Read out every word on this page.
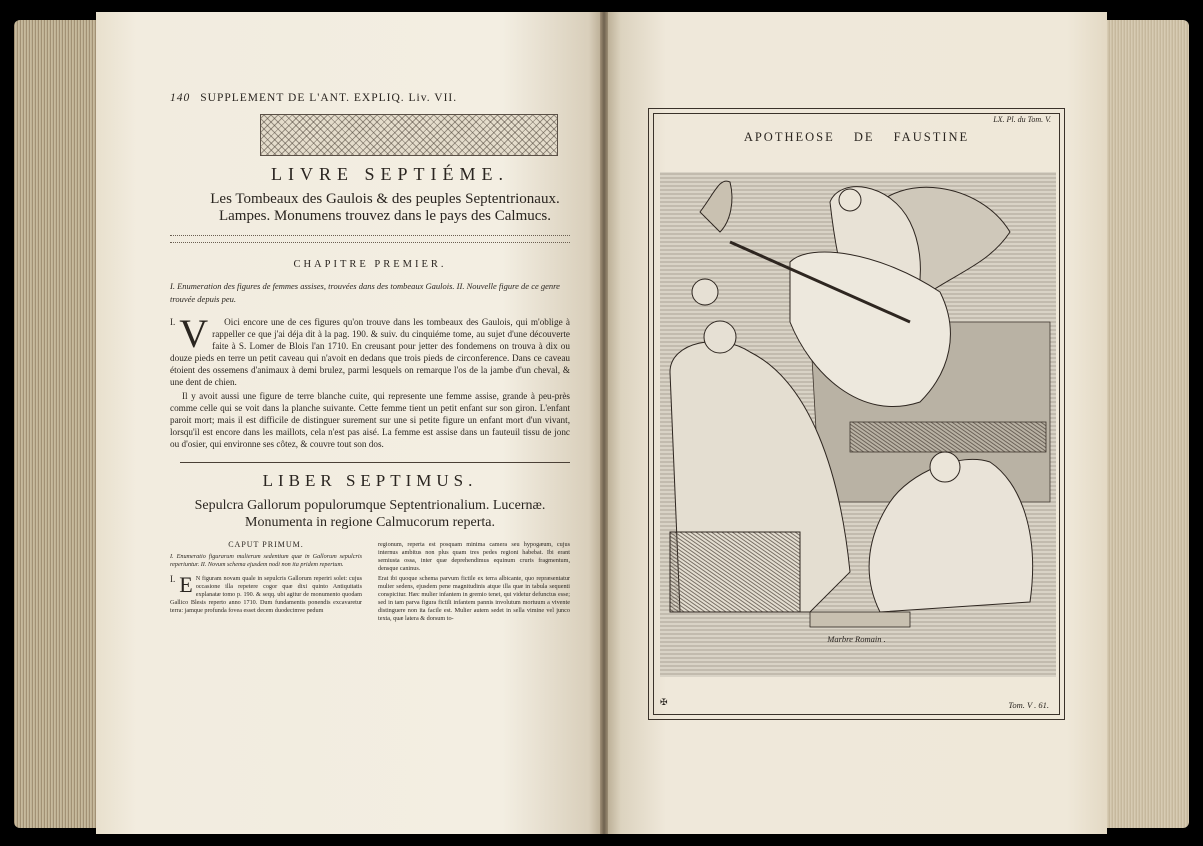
140 SUPPLEMENT DE L'ANT. EXPLIQ. Liv. VII.
LIVRE SEPTIÉME.
Les Tombeaux des Gaulois & des peuples Septentrionaux. Lampes. Monumens trouvez dans le pays des Calmucs.
CHAPITRE PREMIER.
I. Enumeration des figures de femmes assises, trouvées dans des tombeaux Gaulois. II. Nouvelle figure de ce genre trouvée depuis peu.
I. V	Oici encore une de ces figures qu'on trouve dans les tombeaux des Gaulois, qui m'oblige à rappeller ce que j'ai déja dit à la pag. 190. & suiv. du cinquiéme tome, au sujet d'une découverte faite à S. Lomer de Blois l'an 1710. En creusant pour jetter des fondemens on trouva à dix ou douze pieds en terre un petit caveau qui n'avoit en dedans que trois pieds de circonference. Dans ce caveau étoient des ossemens d'animaux à demi brulez, parmi lesquels on remarque l'os de la jambe d'un cheval, & une dent de chien.

Il y avoit aussi une figure de terre blanche cuite, qui represente une femme assise, grande à peu-près comme celle qui se voit dans la planche suivante. Cette femme tient un petit enfant sur son giron. L'enfant paroit mort; mais il est difficile de distinguer surement sur une si petite figure un enfant mort d'un vivant, lorsqu'il est encore dans les maillots, cela n'est pas aisé. La femme est assise dans un fauteuil tissu de jonc ou d'osier, qui environne ses côtez, & couvre tout son dos.

LIBER SEPTIMUS.
Sepulcra Gallorum populorumque Septentrionalium. Lucernæ. Monumenta in regione Calmucorum reperta.
CAPUT PRIMUM.
I. Enumeratio figurarum mulierum sedentium quæ in Gallorum sepulcris reperiuntur. II. Novum schema ejusdem nodi non ita pridem repertum.
I. E N figuram novam quale in sepulcris Gallorum reperiri solet: cujus occasione illa repetere cogor quæ dixi quinto Antiquitatis explanatæ tomo p. 190. & seqq. ubi agitur de monumento quodam Gallico Blesis reperto anno 1710. Dum fundamentis ponendis excavaretur terra: jamque profunda fovea esset decem duodecimve pedum

regionum, reperta est posquam minima camera seu hypogæum, cujus internus ambitus non plus quam tres pedes regioni habebat. Ibi erant semiusta ossa, inter quæ deprehendimus equinum cruris fragmentum, densque caninus.

Erat ibi quoque schema parvum fictile ex terra albicante, quo repræsentatur mulier sedens, ejusdem pene magnitudinis atque illa quæ in tabula sequenti conspicitur. Hæc mulier infantem in gremio tenet, qui videtur defunctus esse; sed in tam parva figura fictili infantem pannis involutum mortuum a vivente distinguere non ita facile est. Mulier autem sedet in sella vimine vel junco texta, quæ latera & dorsum to-

LX. Pl. du Tom. V.
APOTHEOSE DE FAUSTINE
Marbre Romain .
✠	Tom. V . 61.
